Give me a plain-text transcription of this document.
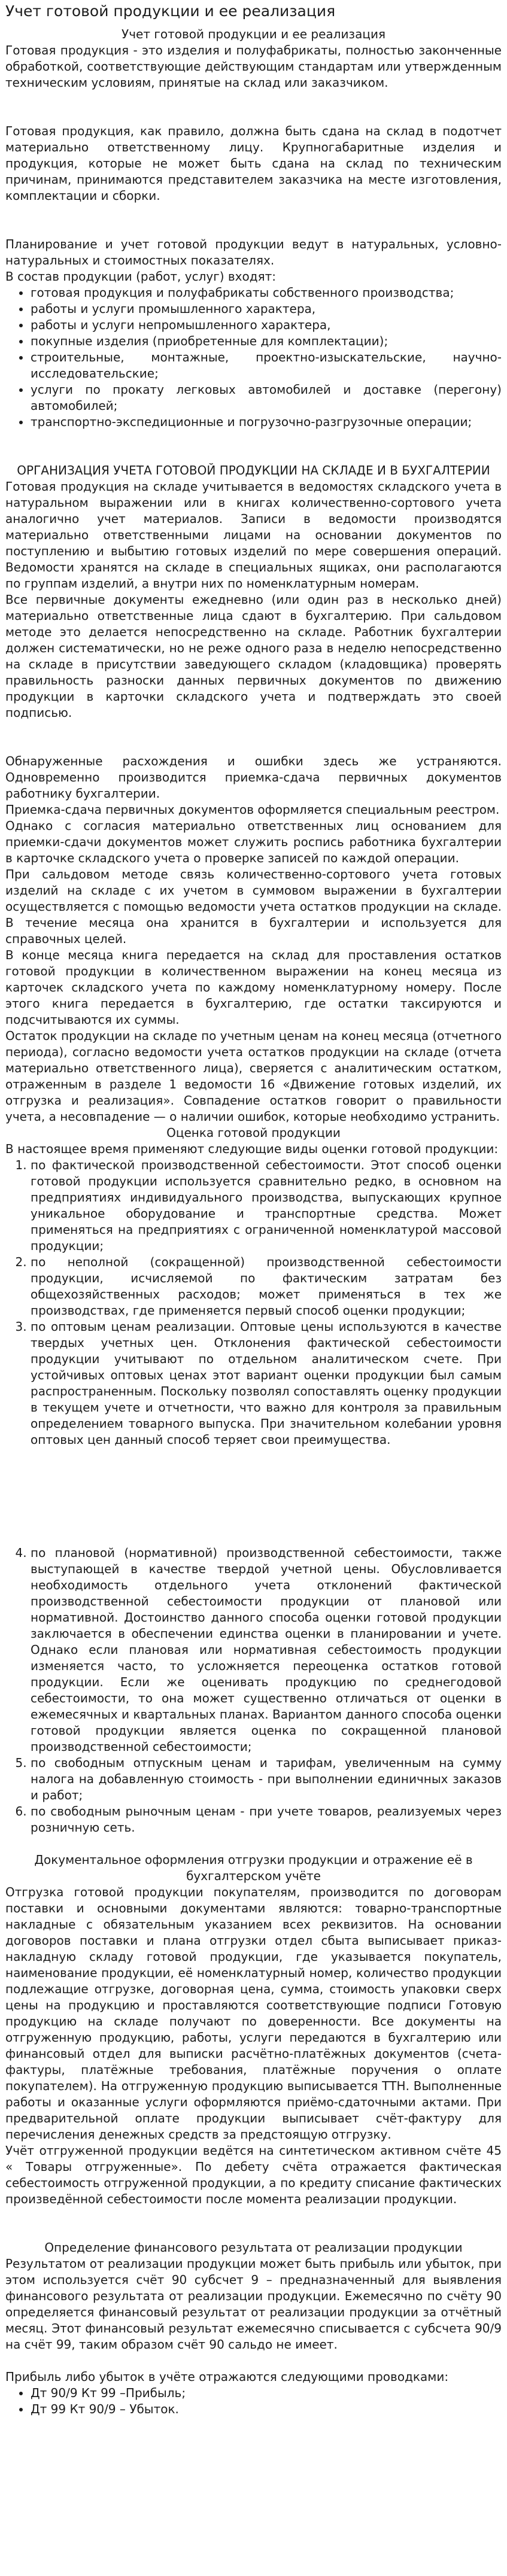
Учет готовой продукции и ее реализация

Учет готовой продукции и ее реализация

Готовая продукция - это изделия и полуфабрикаты, полностью законченные обработкой, соответствующие действующим стандартам или утвержденным техническим условиям, принятые на склад или заказчиком.

Готовая продукция, как правило, должна быть сдана на склад в подотчет материально ответственному лицу. Крупногабаритные изделия и продукция, которые не может быть сдана на склад по техническим причинам, принимаются представителем заказчика на месте изготовления, комплектации и сборки.

Планирование и учет готовой продукции ведут в натуральных, условно-натуральных и стоимостных показателях.

В состав продукции (работ, услуг) входят:

• готовая продукция и полуфабрикаты собственного производства;
• работы и услуги промышленного характера,
• работы и услуги непромышленного характера,
• покупные изделия (приобретенные для комплектации);
• строительные, монтажные, проектно-изыскательские, научно-исследовательские;
• услуги по прокату легковых автомобилей и доставке (перегону) автомобилей;
• транспортно-экспедиционные и погрузочно-разгрузочные операции;

ОРГАНИЗАЦИЯ УЧЕТА ГОТОВОЙ ПРОДУКЦИИ НА СКЛАДЕ И В БУХГАЛТЕРИИ

Готовая продукция на складе учитывается в ведомостях складского учета в натуральном выражении или в книгах количественно-сортового учета аналогично учет материалов. Записи в ведомости производятся материально ответственными лицами на основании документов по поступлению и выбытию готовых изделий по мере совершения операций. Ведомости хранятся на складе в специальных ящиках, они располагаются по группам изделий, а внутри них по номенклатурным номерам.

Все первичные документы ежедневно (или один раз в несколько дней) материально ответственные лица сдают в бухгалтерию. При сальдовом методе это делается непосредственно на складе. Работник бухгалтерии должен систематически, но не реже одного раза в неделю непосредственно на складе в присутствии заведующего складом (кладовщика) проверять правильность разноски данных первичных документов по движению продукции в карточки складского учета и подтверждать это своей подписью.

Обнаруженные расхождения и ошибки здесь же устраняются. Одновременно производится приемка-сдача первичных документов работнику бухгалтерии.

Приемка-сдача первичных документов оформляется специальным реестром.

Однако с согласия материально ответственных лиц основанием для приемки-сдачи документов может служить роспись работника бухгалтерии в карточке складского учета о проверке записей по каждой операции.

При сальдовом методе связь количественно-сортового учета готовых изделий на складе с их учетом в суммовом выражении в бухгалтерии осуществляется с помощью ведомости учета остатков продукции на складе. В течение месяца она хранится в бухгалтерии и используется для справочных целей.

В конце месяца книга передается на склад для проставления остатков готовой продукции в количественном выражении на конец месяца из карточек складского учета по каждому номенклатурному номеру. После этого книга передается в бухгалтерию, где остатки таксируются и подсчитываются их суммы.

Остаток продукции на складе по учетным ценам на конец месяца (отчетного периода), согласно ведомости учета остатков продукции на складе (отчета материально ответственного лица), сверяется с аналитическим остатком, отраженным в разделе 1 ведомости 16 «Движение готовых изделий, их отгрузка и реализация». Совпадение остатков говорит о правильности учета, а несовпадение — о наличии ошибок, которые необходимо устранить.

Оценка готовой продукции

В настоящее время применяют следующие виды оценки готовой продукции:

1. по фактической производственной себестоимости. Этот способ оценки готовой продукции используется сравнительно редко, в основном на предприятиях индивидуального производства, выпускающих крупное уникальное оборудование и транспортные средства. Может применяться на предприятиях с ограниченной номенклатурой массовой продукции;
2. по неполной (сокращенной) производственной себестоимости продукции, исчисляемой по фактическим затратам без общехозяйственных расходов; может применяться в тех же производствах, где применяется первый способ оценки продукции;
3. по оптовым ценам реализации. Оптовые цены используются в качестве твердых учетных цен. Отклонения фактической себестоимости продукции учитывают по отдельном аналитическом счете. При устойчивых оптовых ценах этот вариант оценки продукции был самым распространенным. Поскольку позволял сопоставлять оценку продукции в текущем учете и отчетности, что важно для контроля за правильным определением товарного выпуска. При значительном колебании уровня оптовых цен данный способ теряет свои преимущества.
4. по плановой (нормативной) производственной себестоимости, также выступающей в качестве твердой учетной цены. Обусловливается необходимость отдельного учета отклонений фактической производственной себестоимости продукции от плановой или нормативной. Достоинство данного способа оценки готовой продукции заключается в обеспечении единства оценки в планировании и учете. Однако если плановая или нормативная себестоимость продукции изменяется часто, то усложняется переоценка остатков готовой продукции. Если же оценивать продукцию по среднегодовой себестоимости, то она может существенно отличаться от оценки в ежемесячных и квартальных планах. Вариантом данного способа оценки готовой продукции является оценка по сокращенной плановой производственной себестоимости;
5. по свободным отпускным ценам и тарифам, увеличенным на сумму налога на добавленную стоимость - при выполнении единичных заказов и работ;
6. по свободным рыночным ценам - при учете товаров, реализуемых через розничную сеть.

Документальное оформления отгрузки продукции и отражение её в бухгалтерском учёте

Отгрузка готовой продукции покупателям, производится по договорам поставки и основными документами являются: товарно-транспортные накладные с обязательным указанием всех реквизитов. На основании договоров поставки и плана отгрузки отдел сбыта выписывает приказ-накладную складу готовой продукции, где указывается покупатель, наименование продукции, её номенклатурный номер, количество продукции подлежащие отгрузке, договорная цена, сумма, стоимость упаковки сверх цены на продукцию и проставляются соответствующие подписи Готовую продукцию на складе получают по доверенности. Все документы на отгруженную продукцию, работы, услуги передаются в бухгалтерию или финансовый отдел для выписки расчётно-платёжных документов (счета-фактуры, платёжные требования, платёжные поручения о оплате покупателем). На отгруженную продукцию выписывается ТТН. Выполненные работы и оказанные услуги оформляются приёмо-сдаточными актами. При предварительной оплате продукции выписывает счёт-фактуру для перечисления денежных средств за предстоящую отгрузку.

Учёт отгруженной продукции ведётся на синтетическом активном счёте 45 « Товары отгруженные». По дебету счёта отражается фактическая себестоимость отгруженной продукции, а по кредиту списание фактических произведённой себестоимости после момента реализации продукции.

Определение финансового результата от реализации продукции

Результатом от реализации продукции может быть прибыль или убыток, при этом используется счёт 90 субсчет 9 – предназначенный для выявления финансового результата от реализации продукции. Ежемесячно по счёту 90 определяется финансовый результат от реализации продукции за отчётный месяц. Этот финансовый результат ежемесячно списывается с субсчета 90/9 на счёт 99, таким образом счёт 90 сальдо не имеет.

Прибыль либо убыток в учёте отражаются следующими проводками:

• Дт 90/9 Кт 99 –Прибыль;
• Дт 99 Кт 90/9 – Убыток.
